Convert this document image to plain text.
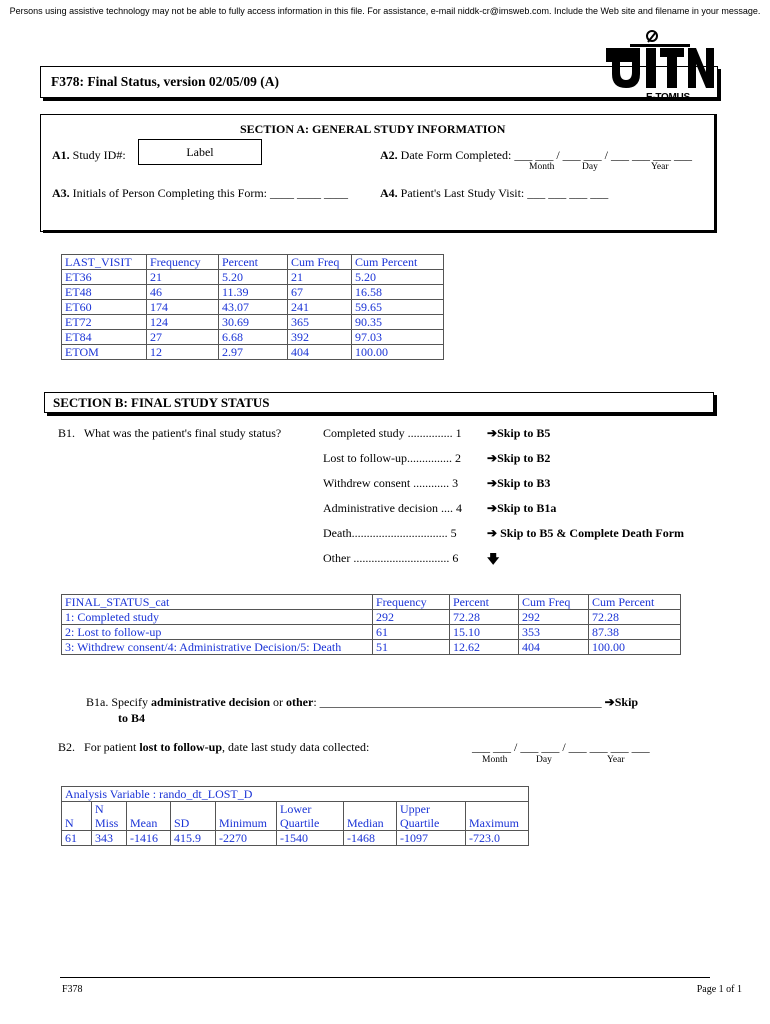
Persons using assistive technology may not be able to fully access information in this file. For assistance, e-mail niddk-cr@imsweb.com. Include the Web site and filename in your message.
F378: Final Status, version 02/05/09 (A)
E-TOMUS
SECTION A: GENERAL STUDY INFORMATION
A1. Study ID#:	Label	A2. Date Form Completed: ___ ___ / ___ ___ / ___ ___ ___ ___
Month	Day	Year
A3. Initials of Person Completing this Form: ____ ____ ____	A4. Patient's Last Study Visit: ___ ___ ___ ___
LAST_VISIT	Frequency	Percent	Cum Freq	Cum Percent
ET36	21	5.20	21	5.20
ET48	46	11.39	67	16.58
ET60	174	43.07	241	59.65
ET72	124	30.69	365	90.35
ET84	27	6.68	392	97.03
ETOM	12	2.97	404	100.00
SECTION B: FINAL STUDY STATUS
B1. What was the patient's final study status?	Completed study ............... 1 ➔Skip to B5
Lost to follow-up............... 2 ➔Skip to B2
Withdrew consent ............ 3 ➔Skip to B3
Administrative decision .... 4 ➔Skip to B1a
Death................................ 5	➔ Skip to B5 & Complete Death Form
Other ................................ 6 🡇
FINAL_STATUS_cat	Frequency	Percent	Cum Freq	Cum Percent
1: Completed study	292	72.28	292	72.28
2: Lost to follow-up	61	15.10	353	87.38
3: Withdrew consent/4: Administrative Decision/5: Death	51	12.62	404	100.00
B1a. Specify administrative decision or other: _______________________________________________ ➔Skip
to B4
B2. For patient lost to follow-up, date last study data collected:	___ ___ / ___ ___ / ___ ___ ___ ___
Month	Day	Year
Analysis Variable : rando_dt_LOST_D								
	N				Lower		Upper	
N	Miss	Mean	SD	Minimum	Quartile	Median	Quartile	Maximum
61	343	-1416	415.9	-2270	-1540	-1468	-1097	-723.0
F378	Page 1 of 1
